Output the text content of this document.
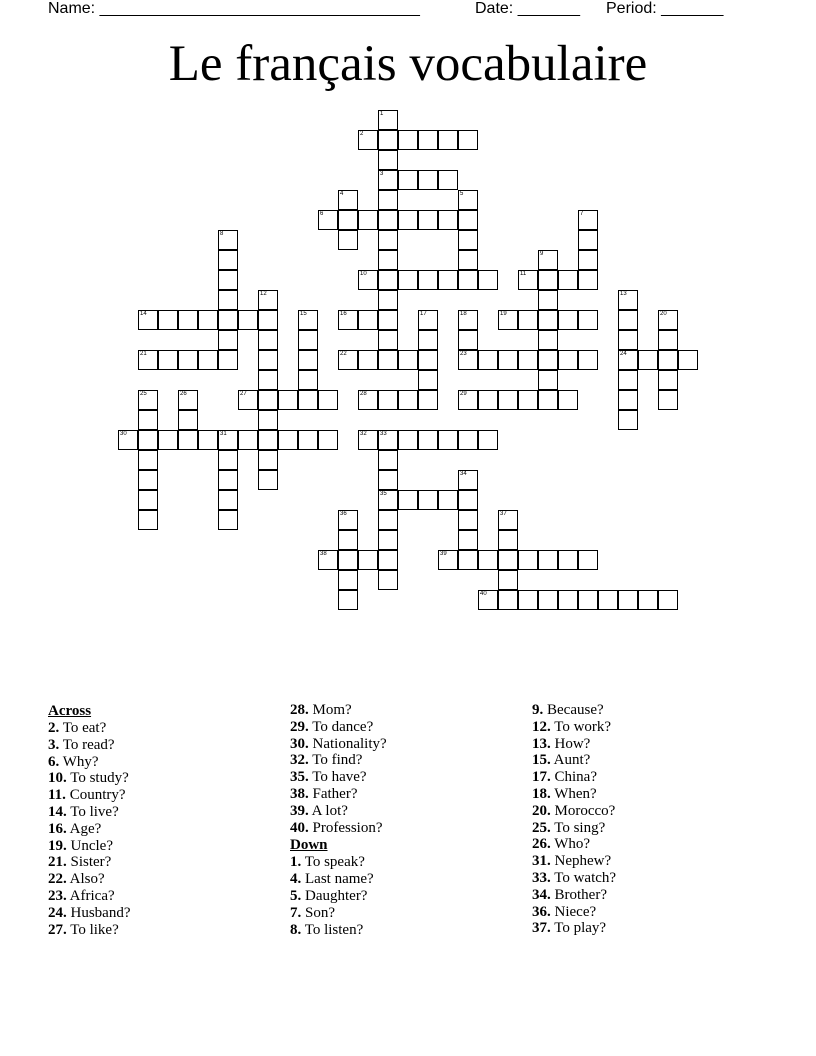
Name: ____________________________________	Date: _______ Period: _______
Le français vocabulaire
1
3
2
4	5
6	7
8
9
10	11
12	13
24
14	15	16	17	18
23
19	20
21	22
25	26	27	28	29
30	31	32 33
35
34
36	37
38	39
40

Across

2. To eat?

3. To read?

6. Why?

10. To study?

11. Country?

14. To live?

16. Age?

19. Uncle?

21. Sister?

22. Also?

23. Africa?

24. Husband?

27. To like?

28. Mom?

29. To dance?

30. Nationality?

32. To find?

35. To have?

38. Father?

39. A lot?

40. Profession?

Down

1. To speak?

4. Last name?

5. Daughter?

7. Son?

8. To listen?

9. Because?

12. To work?

13. How?

15. Aunt?

17. China?

18. When?

20. Morocco?

25. To sing?

26. Who?

31. Nephew?

33. To watch?

34. Brother?

36. Niece?

37. To play?
